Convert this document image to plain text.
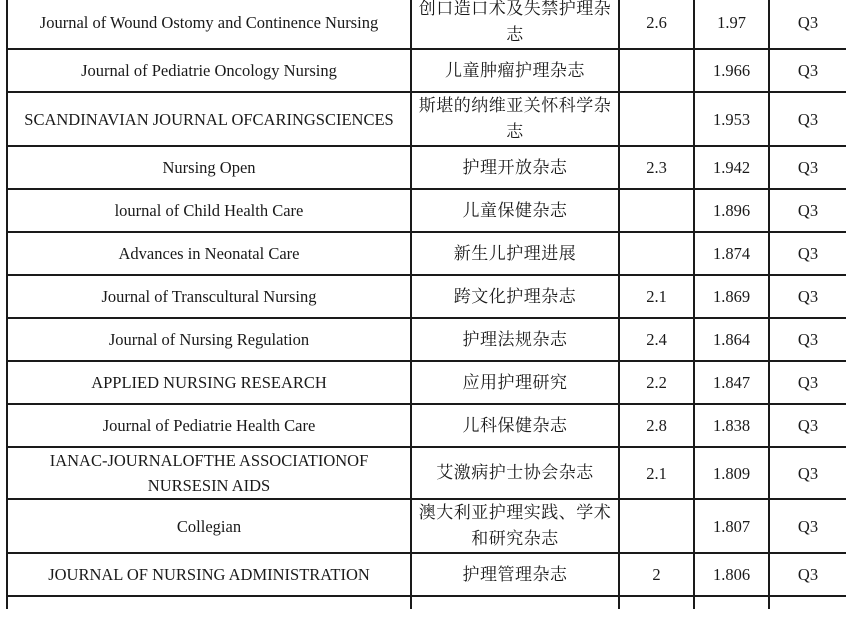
Journal of Wound Ostomy and Continence Nursing	创口造口术及失禁护理杂志	2.6	1.97	Q3
Journal of Pediatrie Oncology Nursing	儿童肿瘤护理杂志		1.966	Q3
SCANDINAVIAN JOURNAL OFCARINGSCIENCES	斯堪的纳维亚关怀科学杂志		1.953	Q3
Nursing Open	护理开放杂志	2.3	1.942	Q3
lournal of Child Health Care	儿童保健杂志		1.896	Q3
Advances in Neonatal Care	新生儿护理进展		1.874	Q3
Journal of Transcultural Nursing	跨文化护理杂志	2.1	1.869	Q3
Journal of Nursing Regulation	护理法规杂志	2.4	1.864	Q3
APPLIED NURSING RESEARCH	应用护理研究	2.2	1.847	Q3
Journal of Pediatrie Health Care	儿科保健杂志	2.8	1.838	Q3
IANAC-JOURNALOFTHE ASSOCIATIONOF NURSESIN AIDS	艾激病护士协会杂志	2.1	1.809	Q3
Collegian	澳大利亚护理实践、学术和研究杂志		1.807	Q3
JOURNAL OF NURSING ADMINISTRATION	护理管理杂志	2	1.806	Q3
